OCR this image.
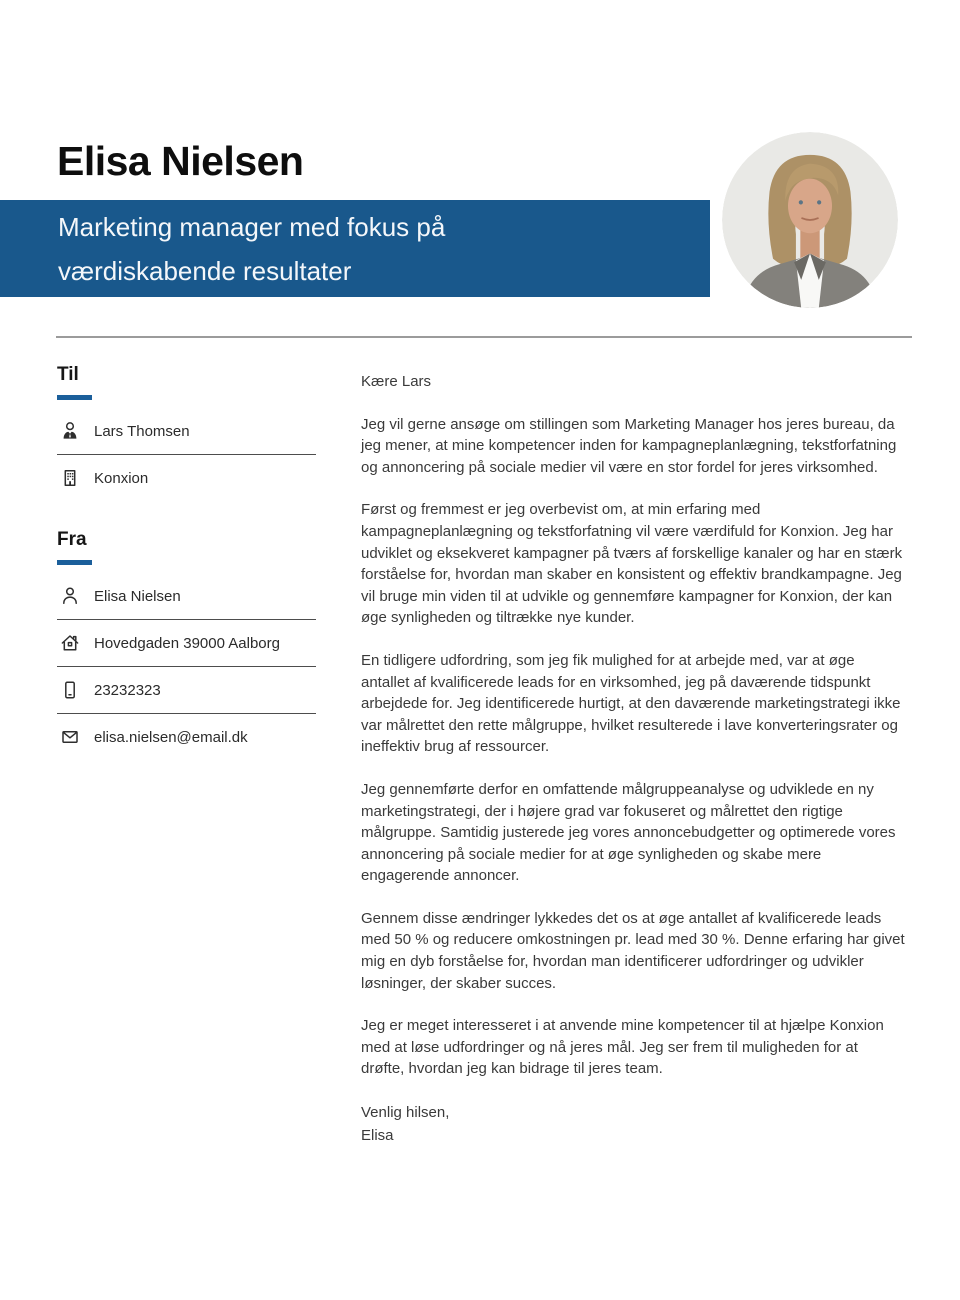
Elisa Nielsen
Marketing manager med fokus på
værdiskabende resultater
Til
Lars Thomsen
Konxion
Fra
Elisa Nielsen
Hovedgaden 39000 Aalborg
23232323
elisa.nielsen@email.dk

Kære Lars

Jeg vil gerne ansøge om stillingen som Marketing Manager hos jeres bureau, da jeg mener, at mine kompetencer inden for kampagneplanlægning, tekstforfatning og annoncering på sociale medier vil være en stor fordel for jeres virksomhed.

Først og fremmest er jeg overbevist om, at min erfaring med kampagneplanlægning og tekstforfatning vil være værdifuld for Konxion. Jeg har udviklet og eksekveret kampagner på tværs af forskellige kanaler og har en stærk forståelse for, hvordan man skaber en konsistent og effektiv brandkampagne. Jeg vil bruge min viden til at udvikle og gennemføre kampagner for Konxion, der kan øge synligheden og tiltrække nye kunder.

En tidligere udfordring, som jeg fik mulighed for at arbejde med, var at øge antallet af kvalificerede leads for en virksomhed, jeg på daværende tidspunkt arbejdede for. Jeg identificerede hurtigt, at den daværende marketingstrategi ikke var målrettet den rette målgruppe, hvilket resulterede i lave konverteringsrater og ineffektiv brug af ressourcer.

Jeg gennemførte derfor en omfattende målgruppeanalyse og udviklede en ny marketingstrategi, der i højere grad var fokuseret og målrettet den rigtige målgruppe. Samtidig justerede jeg vores annoncebudgetter og optimerede vores annoncering på sociale medier for at øge synligheden og skabe mere engagerende annoncer.

Gennem disse ændringer lykkedes det os at øge antallet af kvalificerede leads med 50 % og reducere omkostningen pr. lead med 30 %. Denne erfaring har givet mig en dyb forståelse for, hvordan man identificerer udfordringer og udvikler løsninger, der skaber succes.

Jeg er meget interesseret i at anvende mine kompetencer til at hjælpe Konxion med at løse udfordringer og nå jeres mål. Jeg ser frem til muligheden for at drøfte, hvordan jeg kan bidrage til jeres team.

Venlig hilsen,
Elisa
